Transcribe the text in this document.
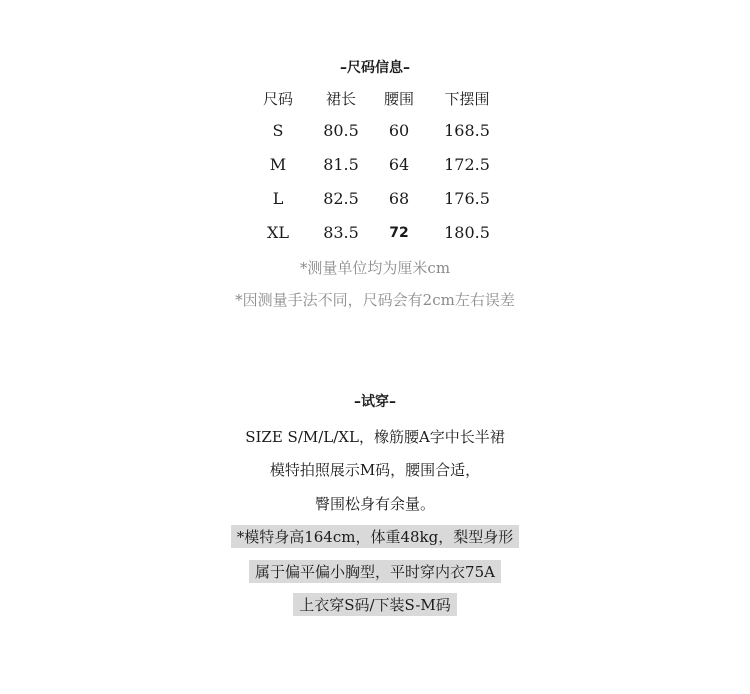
–尺码信息–
尺码	裙长	腰围	下摆围
S	80.5	60	168.5
M	81.5	64	172.5
L	82.5	68	176.5
XL	83.5	72	180.5
*测量单位均为厘米cm
*因测量手法不同，尺码会有2cm左右误差
–试穿–
SIZE S/M/L/XL，橡筋腰A字中长半裙
模特拍照展示M码，腰围合适，
臀围松身有余量。
*模特身高164cm，体重48kg，梨型身形
属于偏平偏小胸型，平时穿内衣75A
上衣穿S码/下装S-M码
